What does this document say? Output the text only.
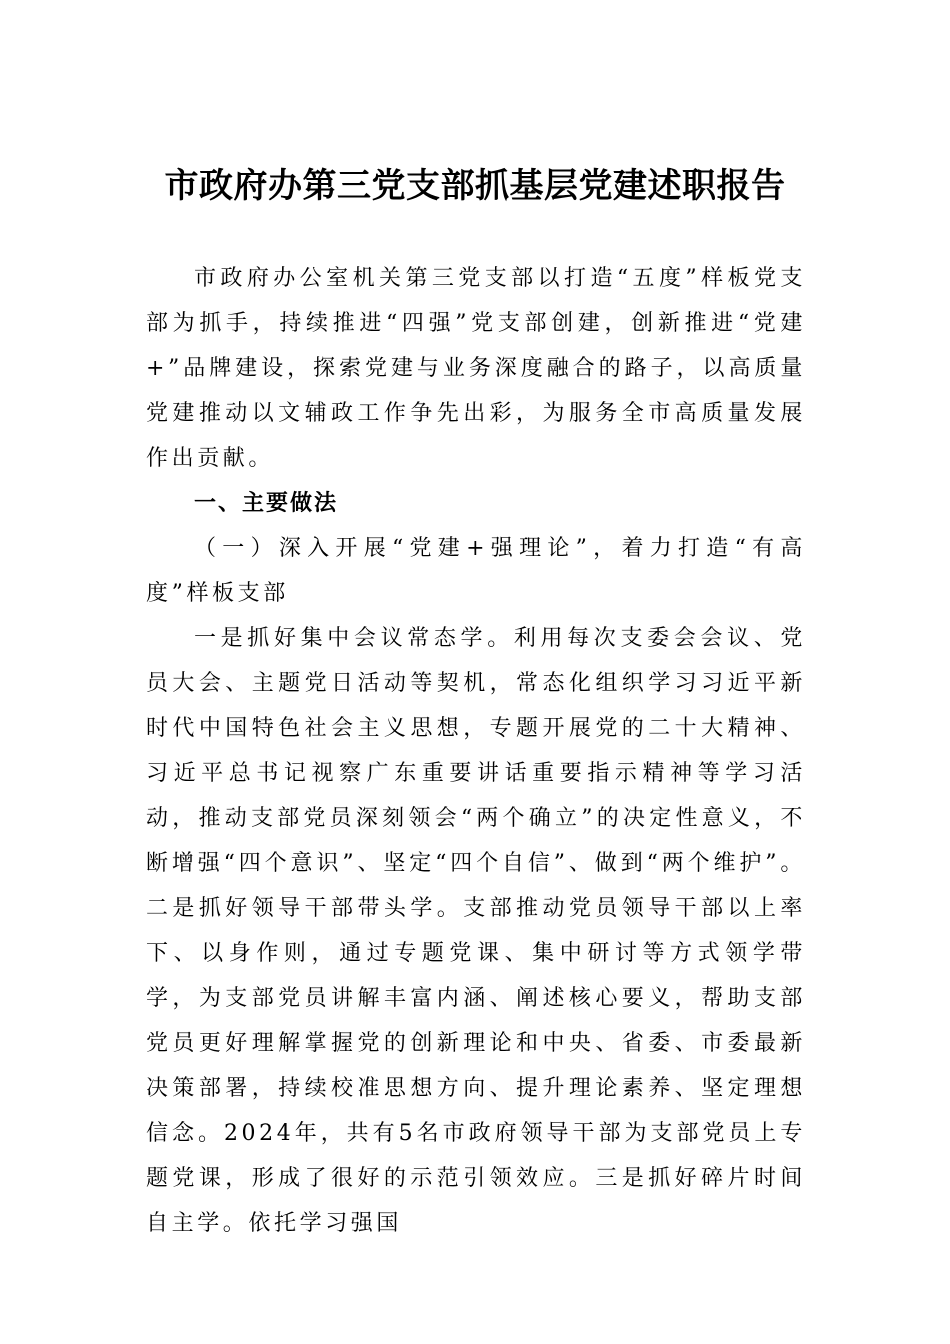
市政府办第三党支部抓基层党建述职报告

市政府办公室机关第三党支部以打造“五度”样板党支部为抓手，持续推进“四强”党支部创建，创新推进“党建+”品牌建设，探索党建与业务深度融合的路子，以高质量党建推动以文辅政工作争先出彩，为服务全市高质量发展作出贡献。

一、主要做法

（一）深入开展“党建+强理论”，着力打造“有高度”样板支部

一是抓好集中会议常态学。利用每次支委会会议、党员大会、主题党日活动等契机，常态化组织学习习近平新时代中国特色社会主义思想，专题开展党的二十大精神、习近平总书记视察广东重要讲话重要指示精神等学习活动，推动支部党员深刻领会“两个确立”的决定性意义，不断增强“四个意识”、坚定“四个自信”、做到“两个维护”。二是抓好领导干部带头学。支部推动党员领导干部以上率下、以身作则，通过专题党课、集中研讨等方式领学带学，为支部党员讲解丰富内涵、阐述核心要义，帮助支部党员更好理解掌握党的创新理论和中央、省委、市委最新决策部署，持续校准思想方向、提升理论素养、坚定理想信念。2024年，共有5名市政府领导干部为支部党员上专题党课，形成了很好的示范引领效应。三是抓好碎片时间自主学。依托学习强国
